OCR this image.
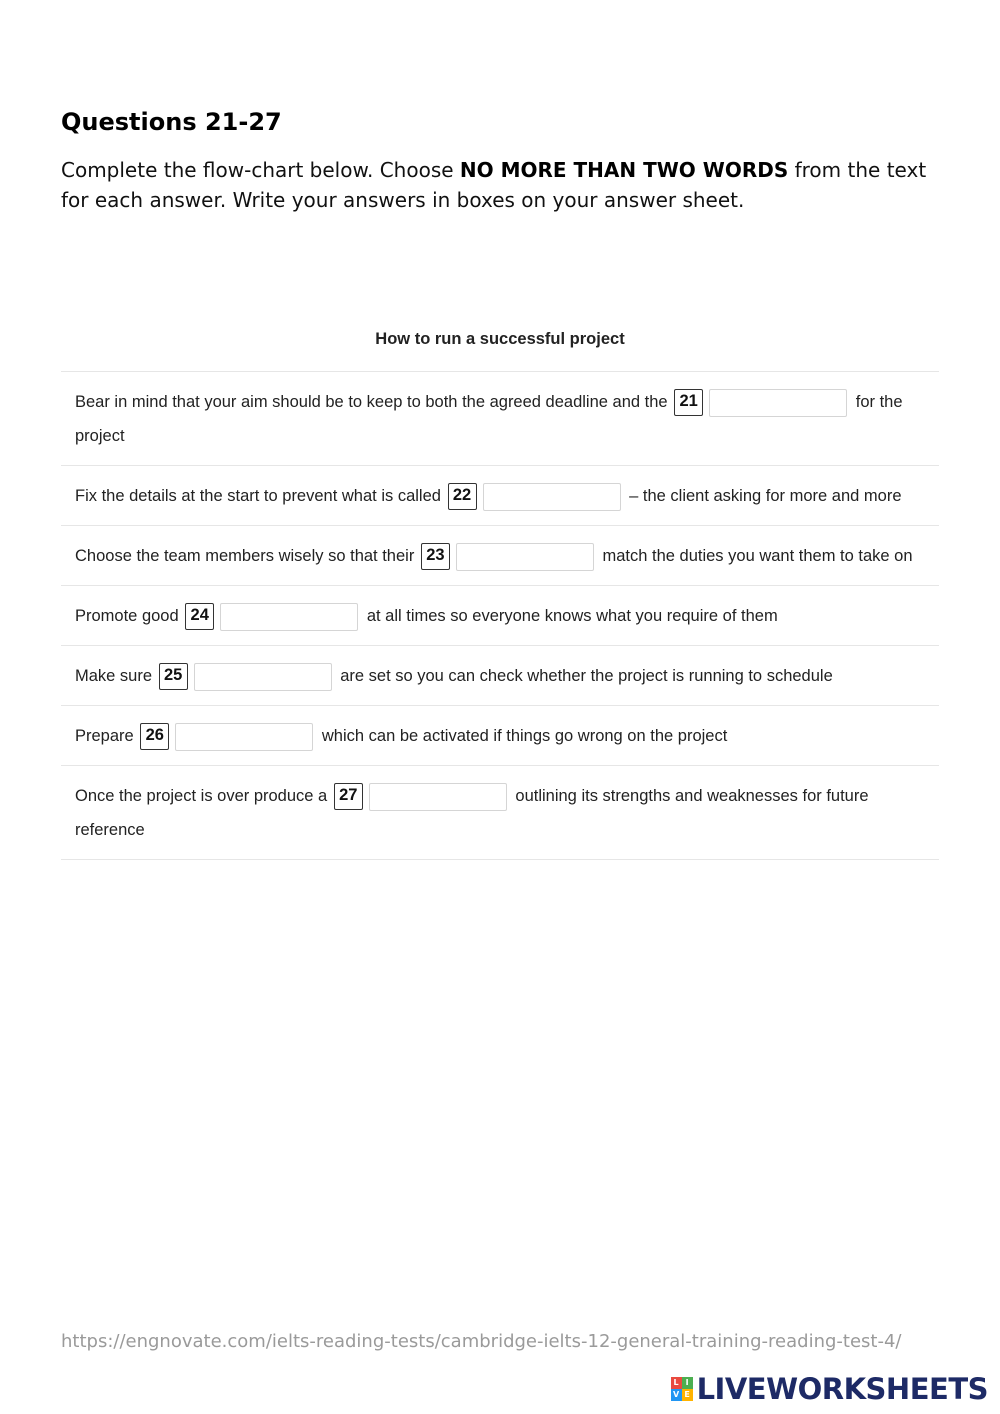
Questions 21-27

Complete the flow-chart below. Choose NO MORE THAN TWO WORDS from the text for each answer. Write your answers in boxes on your answer sheet.

How to run a successful project
Bear in mind that your aim should be to keep to both the agreed deadline and the 21	for the project
Fix the details at the start to prevent what is called 22	– the client asking for more and more
Choose the team members wisely so that their 23	match the duties you want them to take on
Promote good 24	at all times so everyone knows what you require of them
Make sure 25	are set so you can check whether the project is running to schedule
Prepare 26	which can be activated if things go wrong on the project
Once the project is over produce a 27	outlining its strengths and weaknesses for future reference
https://engnovate.com/ielts-reading-tests/cambridge-ielts-12-general-training-reading-test-4/
L I
V E LIVEWORKSHEETS
